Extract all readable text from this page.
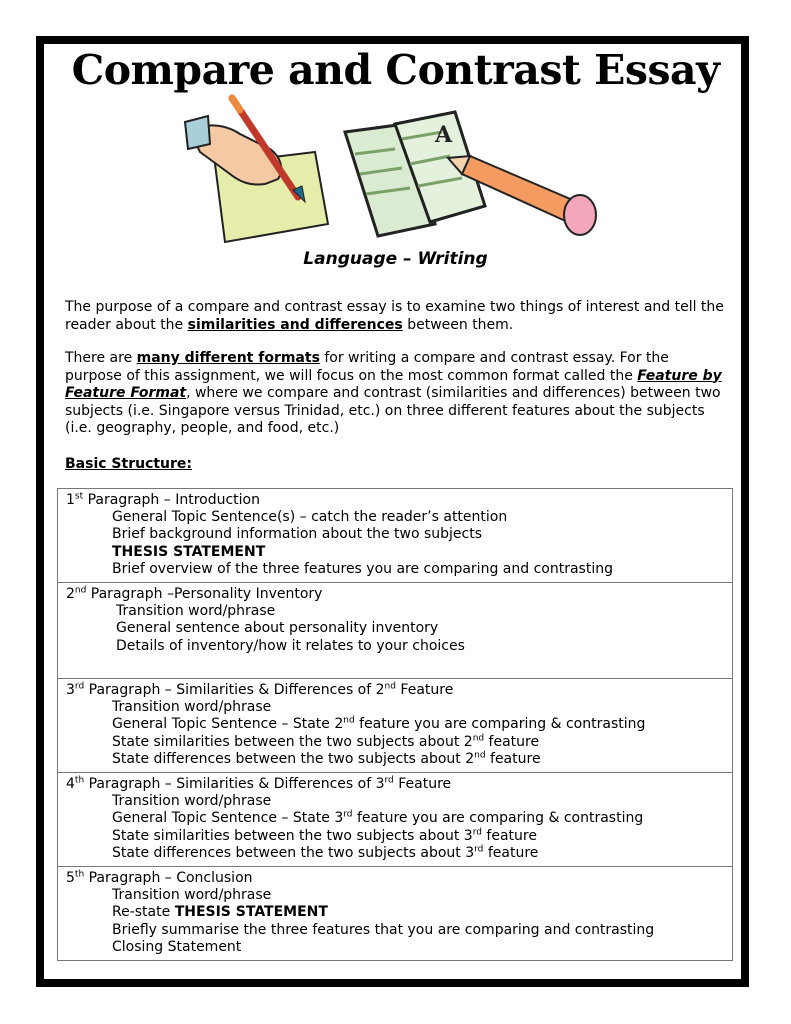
Compare and Contrast Essay
A
Language – Writing
The purpose of a compare and contrast essay is to examine two things of interest and tell the reader about the similarities and differences between them.
There are many different formats for writing a compare and contrast essay. For the purpose of this assignment, we will focus on the most common format called the Feature by Feature Format, where we compare and contrast (similarities and differences) between two subjects (i.e. Singapore versus Trinidad, etc.) on three different features about the subjects (i.e. geography, people, and food, etc.)
Basic Structure:
1st Paragraph – Introduction
General Topic Sentence(s) – catch the reader’s attention
Brief background information about the two subjects
THESIS STATEMENT
Brief overview of the three features you are comparing and contrasting

2nd Paragraph –Personality Inventory
Transition word/phrase
General sentence about personality inventory
Details of inventory/how it relates to your choices

3rd Paragraph – Similarities & Differences of 2nd Feature
Transition word/phrase
General Topic Sentence – State 2nd feature you are comparing & contrasting
State similarities between the two subjects about 2nd feature
State differences between the two subjects about 2nd feature

4th Paragraph – Similarities & Differences of 3rd Feature
Transition word/phrase
General Topic Sentence – State 3rd feature you are comparing & contrasting
State similarities between the two subjects about 3rd feature
State differences between the two subjects about 3rd feature

5th Paragraph – Conclusion
Transition word/phrase
Re-state THESIS STATEMENT
Briefly summarise the three features that you are comparing and contrasting
Closing Statement
